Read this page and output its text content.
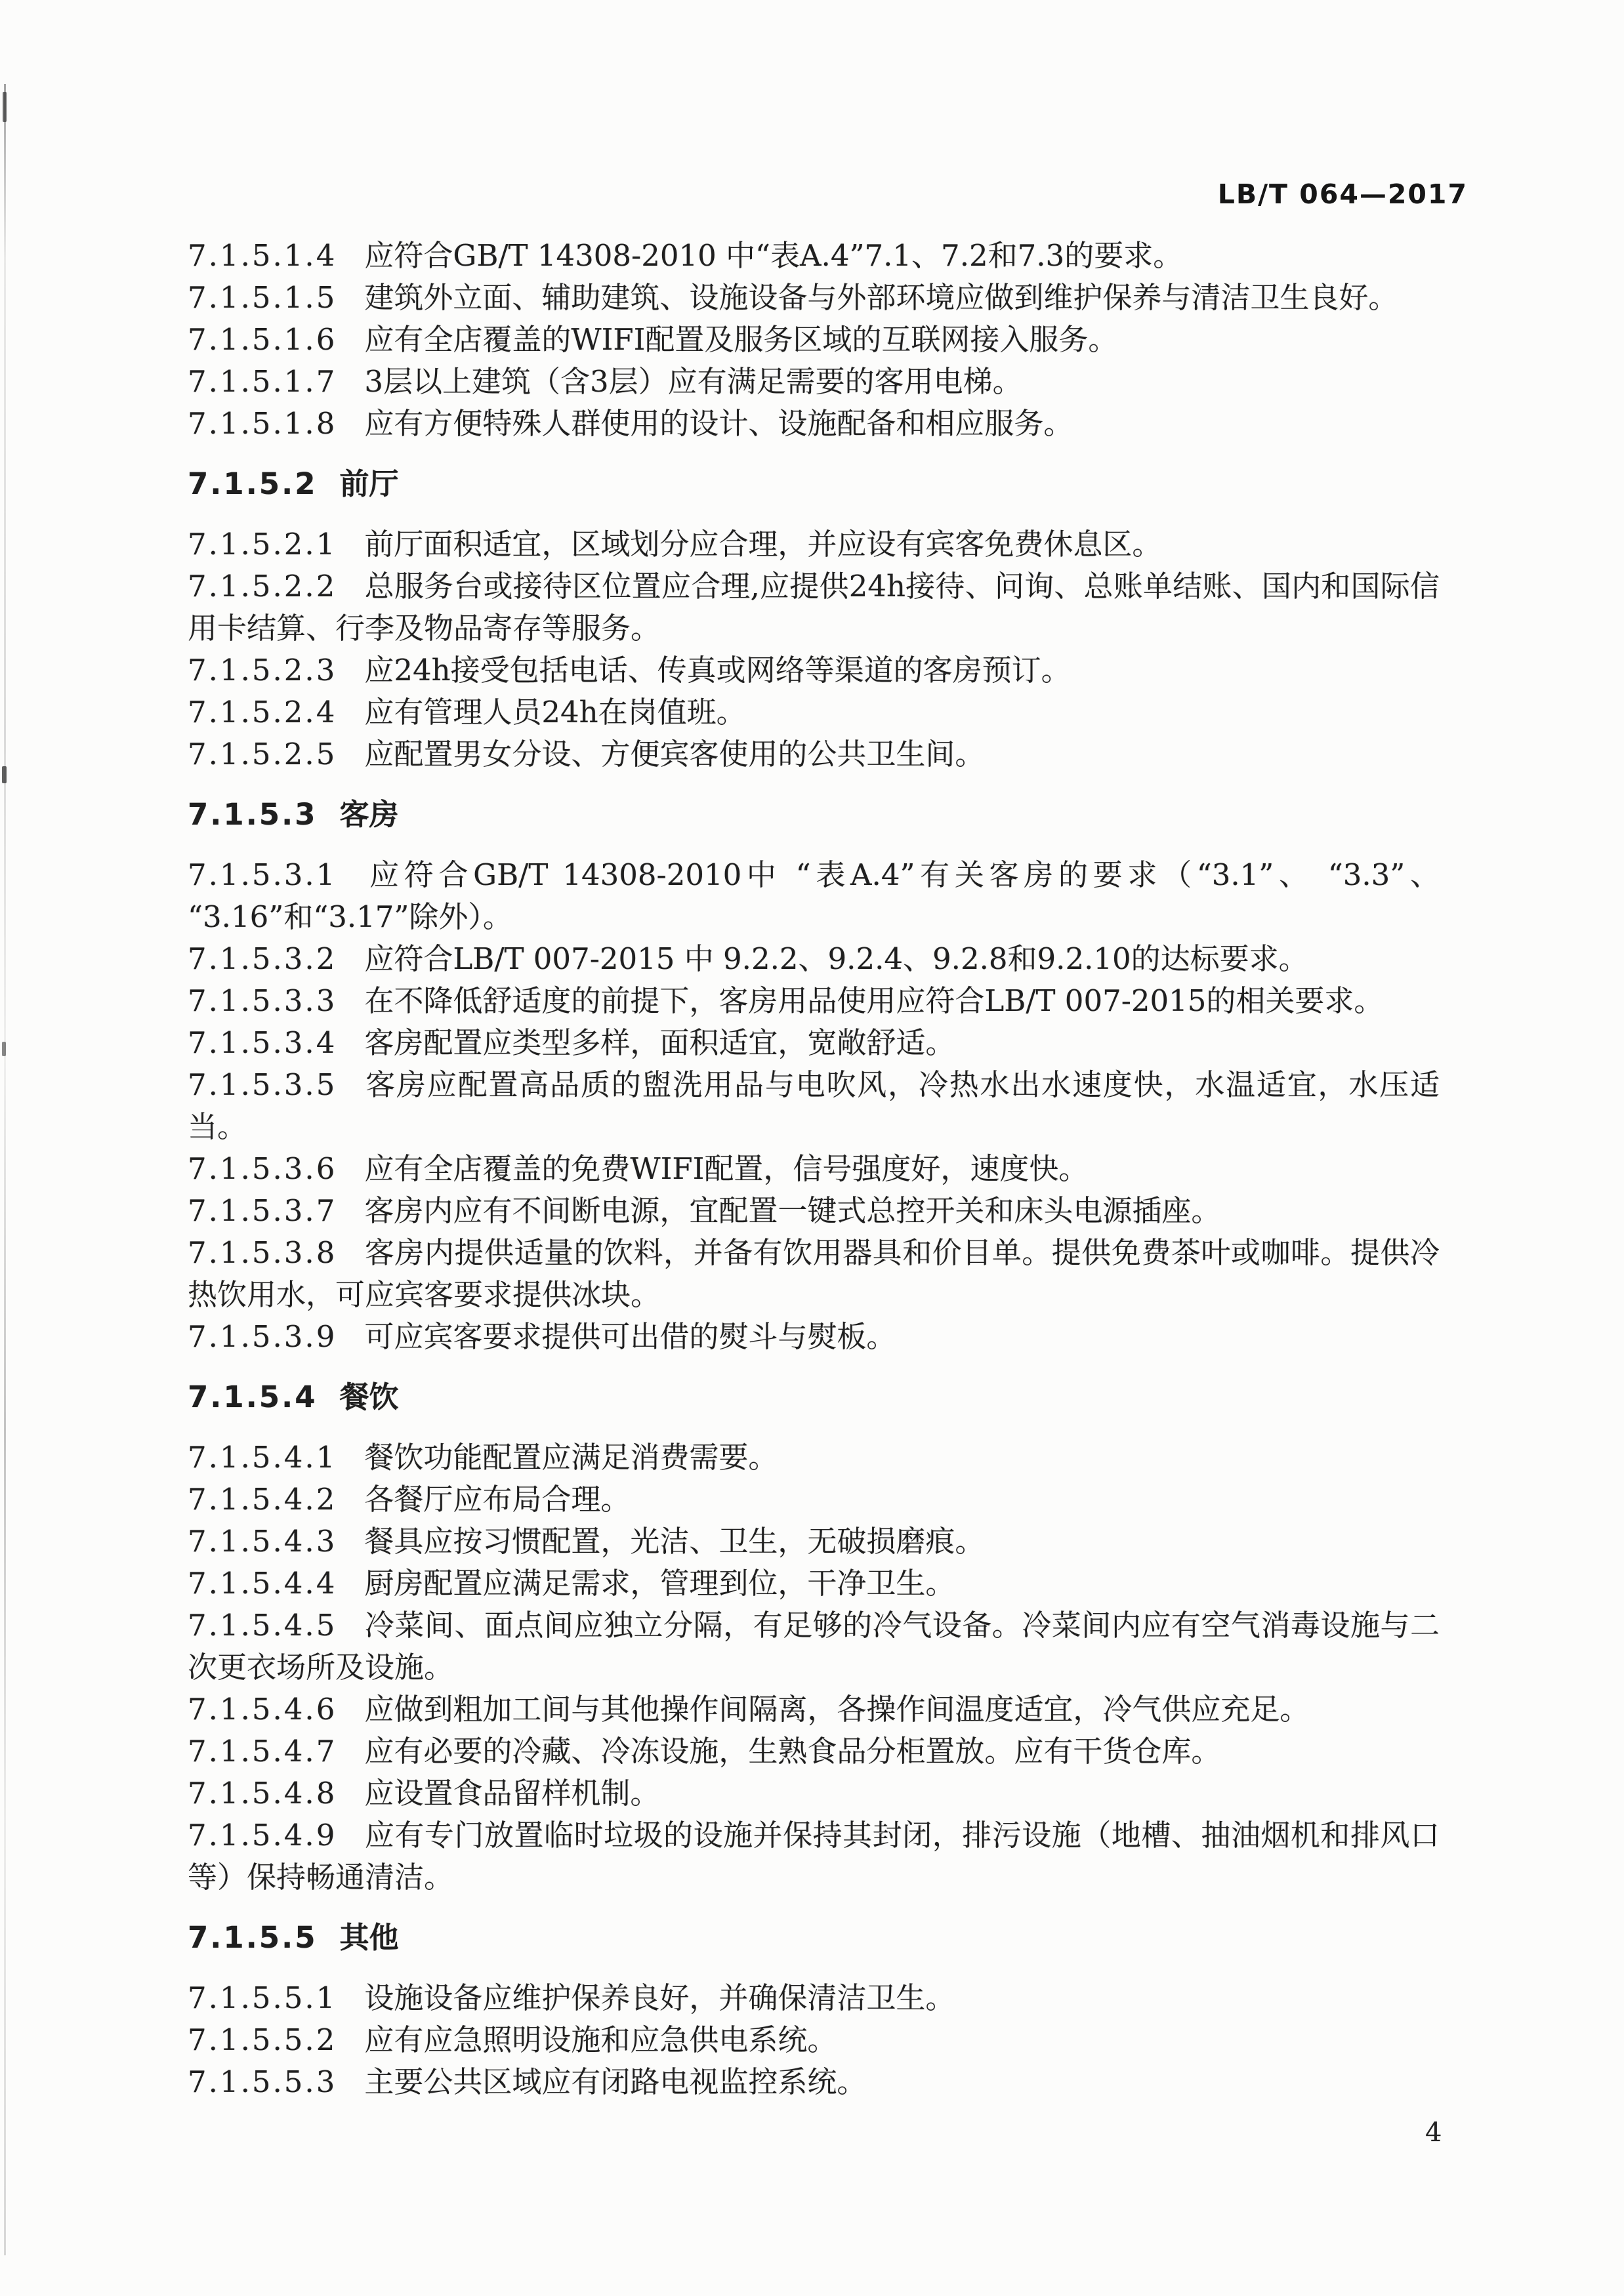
LB/T 064—2017

7.1.5.1.4 应符合GB/T 14308-2010 中“表A.4”7.1、7.2和7.3的要求。

7.1.5.1.5 建筑外立面、辅助建筑、设施设备与外部环境应做到维护保养与清洁卫生良好。

7.1.5.1.6 应有全店覆盖的WIFI配置及服务区域的互联网接入服务。

7.1.5.1.7 3层以上建筑（含3层）应有满足需要的客用电梯。

7.1.5.1.8 应有方便特殊人群使用的设计、设施配备和相应服务。

7.1.5.2 前厅

7.1.5.2.1 前厅面积适宜，区域划分应合理，并应设有宾客免费休息区。

7.1.5.2.2 总服务台或接待区位置应合理,应提供24h接待、问询、总账单结账、国内和国际信用卡结算、行李及物品寄存等服务。

7.1.5.2.3 应24h接受包括电话、传真或网络等渠道的客房预订。

7.1.5.2.4 应有管理人员24h在岗值班。

7.1.5.2.5 应配置男女分设、方便宾客使用的公共卫生间。

7.1.5.3 客房

7.1.5.3.1 应符合GB/T 14308-2010中 “表A.4”有关客房的要求（“3.1”、 “3.3”、 “3.16”和“3.17”除外）。

7.1.5.3.2 应符合LB/T 007-2015 中 9.2.2、9.2.4、9.2.8和9.2.10的达标要求。

7.1.5.3.3 在不降低舒适度的前提下，客房用品使用应符合LB/T 007-2015的相关要求。

7.1.5.3.4 客房配置应类型多样，面积适宜，宽敞舒适。

7.1.5.3.5 客房应配置高品质的盥洗用品与电吹风，冷热水出水速度快，水温适宜，水压适当。

7.1.5.3.6 应有全店覆盖的免费WIFI配置，信号强度好，速度快。

7.1.5.3.7 客房内应有不间断电源，宜配置一键式总控开关和床头电源插座。

7.1.5.3.8 客房内提供适量的饮料，并备有饮用器具和价目单。提供免费茶叶或咖啡。提供冷热饮用水，可应宾客要求提供冰块。

7.1.5.3.9 可应宾客要求提供可出借的熨斗与熨板。

7.1.5.4 餐饮

7.1.5.4.1 餐饮功能配置应满足消费需要。

7.1.5.4.2 各餐厅应布局合理。

7.1.5.4.3 餐具应按习惯配置，光洁、卫生，无破损磨痕。

7.1.5.4.4 厨房配置应满足需求，管理到位，干净卫生。

7.1.5.4.5 冷菜间、面点间应独立分隔，有足够的冷气设备。冷菜间内应有空气消毒设施与二次更衣场所及设施。

7.1.5.4.6 应做到粗加工间与其他操作间隔离，各操作间温度适宜，冷气供应充足。

7.1.5.4.7 应有必要的冷藏、冷冻设施，生熟食品分柜置放。应有干货仓库。

7.1.5.4.8 应设置食品留样机制。

7.1.5.4.9 应有专门放置临时垃圾的设施并保持其封闭，排污设施（地槽、抽油烟机和排风口等）保持畅通清洁。

7.1.5.5 其他

7.1.5.5.1 设施设备应维护保养良好，并确保清洁卫生。

7.1.5.5.2 应有应急照明设施和应急供电系统。

7.1.5.5.3 主要公共区域应有闭路电视监控系统。

4
